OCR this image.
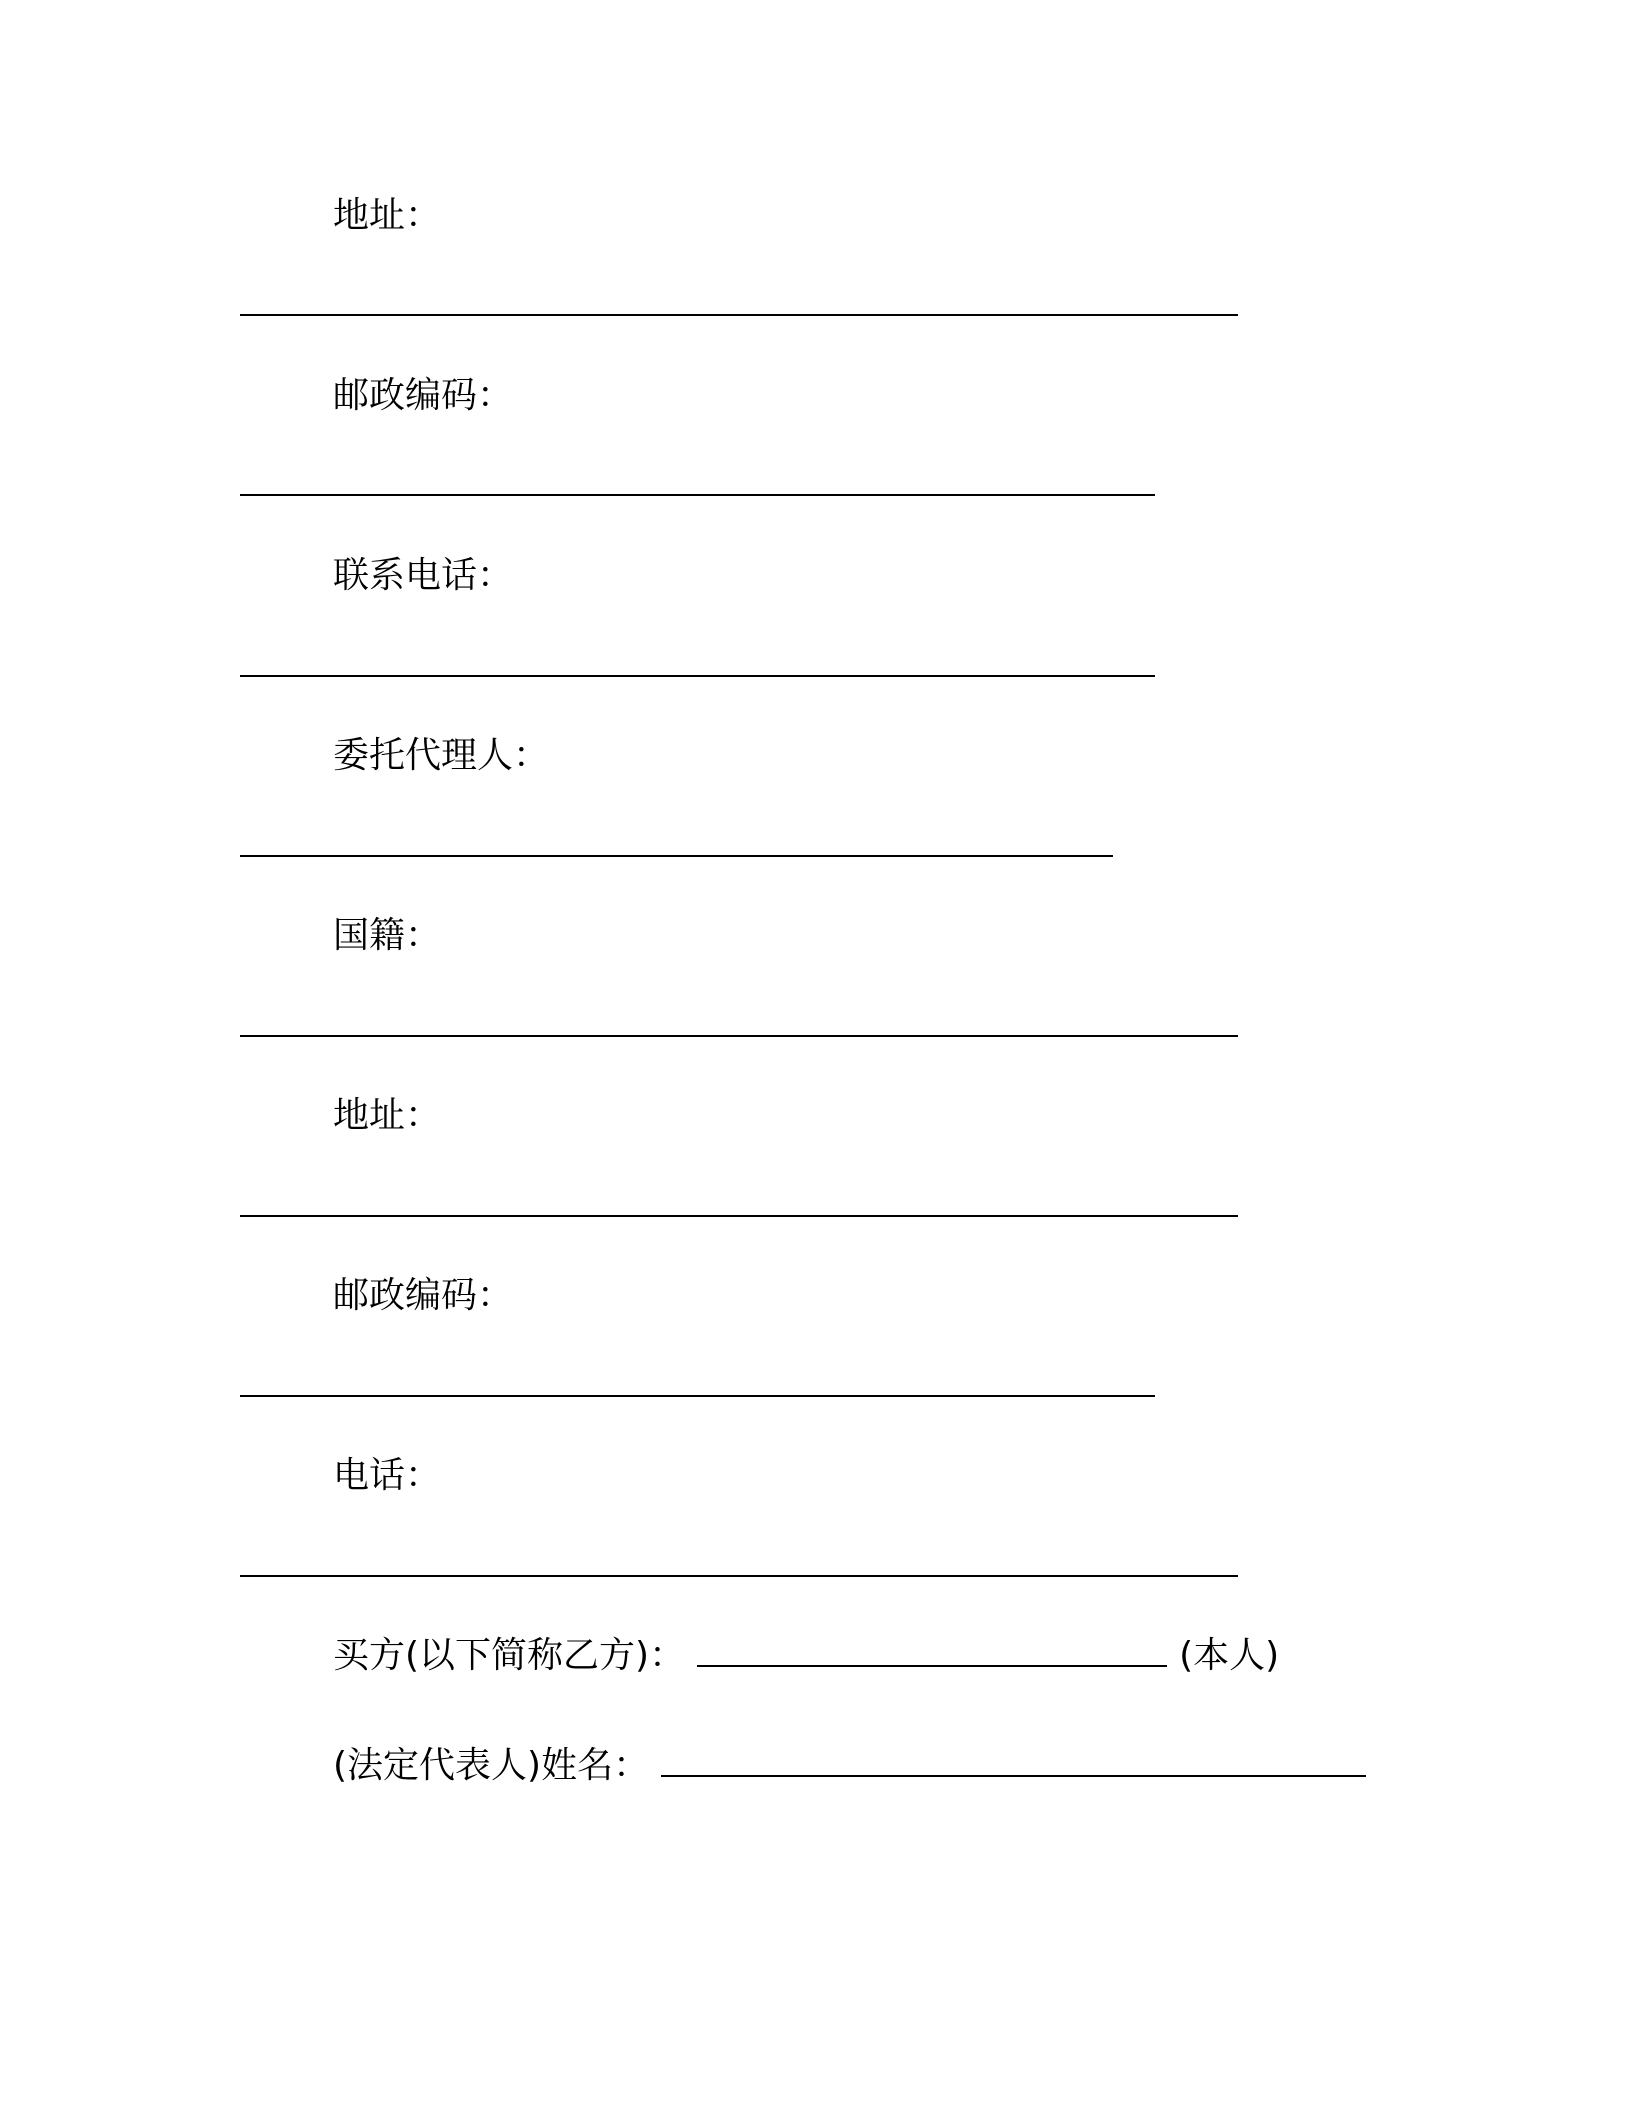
地址：
邮政编码：
联系电话：
委托代理人：
国籍：
地址：
邮政编码：
电话：
买方(以下简称乙方)：	(本人)
(法定代表人)姓名：
